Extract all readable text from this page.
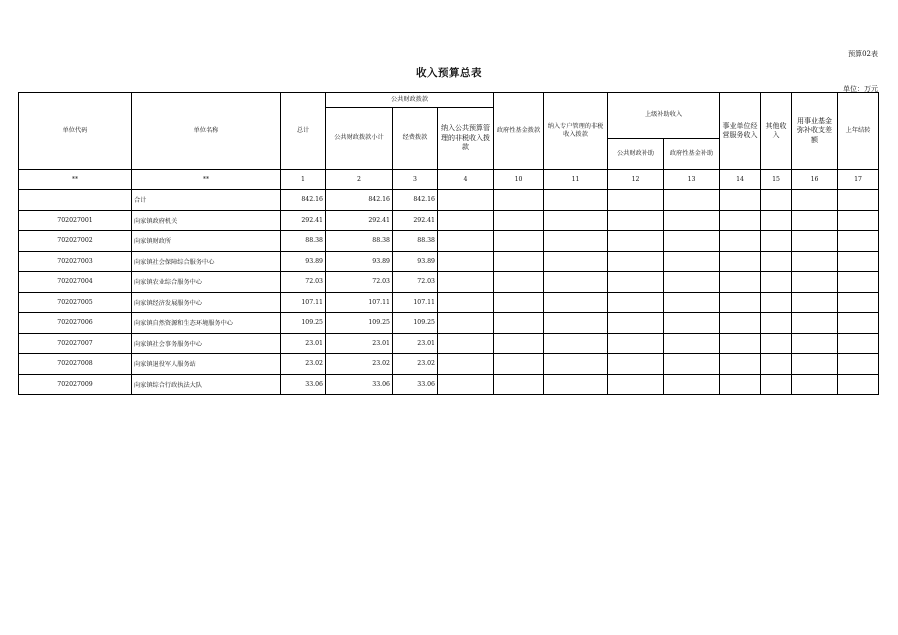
预算02表
收入预算总表
单位：万元
单位代码	单位名称	总计	公共财政拨款			政府性基金拨款	纳入专户管理的非税收入拨款	上级补助收入		事业单位经营服务收入	其他收入	用事业基金弥补收支差额	上年结转	
			公共财政拨款小计	经费拨款	纳入公共预算管理的非税收入拨款									
								公共财政补助	政府性基金补助					
**	**	1	2	3	4	10	11	12	13	14	15	16	17	
	合计	842.16	842.16	842.16										
702027001	向家镇政府机关	292.41	292.41	292.41										
702027002	向家镇财政所	88.38	88.38	88.38										
702027003	向家镇社会保障综合服务中心	93.89	93.89	93.89										
702027004	向家镇农业综合服务中心	72.03	72.03	72.03										
702027005	向家镇经济发展服务中心	107.11	107.11	107.11										
702027006	向家镇自然资源和生态环境服务中心	109.25	109.25	109.25										
702027007	向家镇社会事务服务中心	23.01	23.01	23.01										
702027008	向家镇退役军人服务站	23.02	23.02	23.02										
702027009	向家镇综合行政执法大队	33.06	33.06	33.06										
